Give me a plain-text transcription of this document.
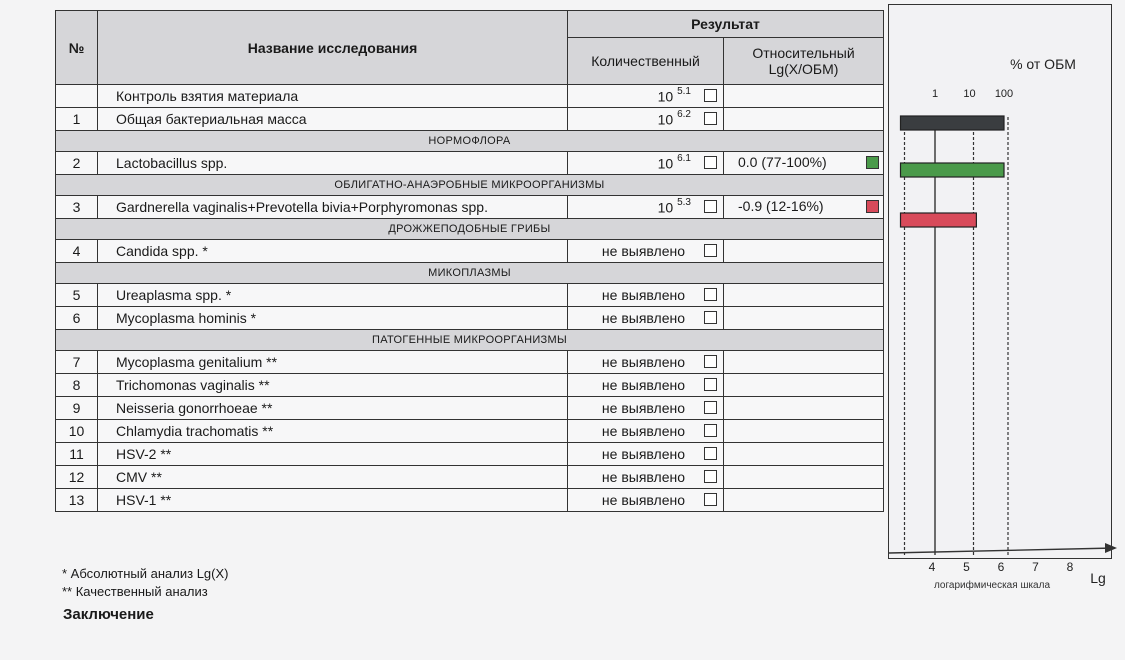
№	Название исследования	Результат	
		Количественный	Относительный
Lg(X/ОБМ)
	Контроль взятия материала	10 $^{5.1}$

1	Общая бактериальная масса	10 $^{6.2}$

НОРМОФЛОРА			
2	Lactobacillus spp.	10 $^{6.1}$	0.0 (77-100%)

ОБЛИГАТНО-АНАЭРОБНЫЕ МИКРООРГАНИЗМЫ			
3	Gardnerella vaginalis+Prevotella bivia+Porphyromonas spp.	10 $^{5.3}$	-0.9 (12-16%)

ДРОЖЖЕПОДОБНЫЕ ГРИБЫ			
4	Candida spp. *	не выявлено	

МИКОПЛАЗМЫ			
5	Ureaplasma spp. *	не выявлено	

6	Mycoplasma hominis *	не выявлено	

ПАТОГЕННЫЕ МИКРООРГАНИЗМЫ			
7	Mycoplasma genitalium **	не выявлено	

8	Trichomonas vaginalis **	не выявлено	

9	Neisseria gonorrhoeae **	не выявлено	

10	Chlamydia trachomatis **	не выявлено	

11	HSV-2 **	не выявлено	

12	CMV **	не выявлено	

13	HSV-1 **	не выявлено	

% от ОБМ
1 10 100
4 5 6 7 8
логарифмическая шкала	Lg
* Абсолютный анализ Lg(X)
** Качественный анализ
Заключение
